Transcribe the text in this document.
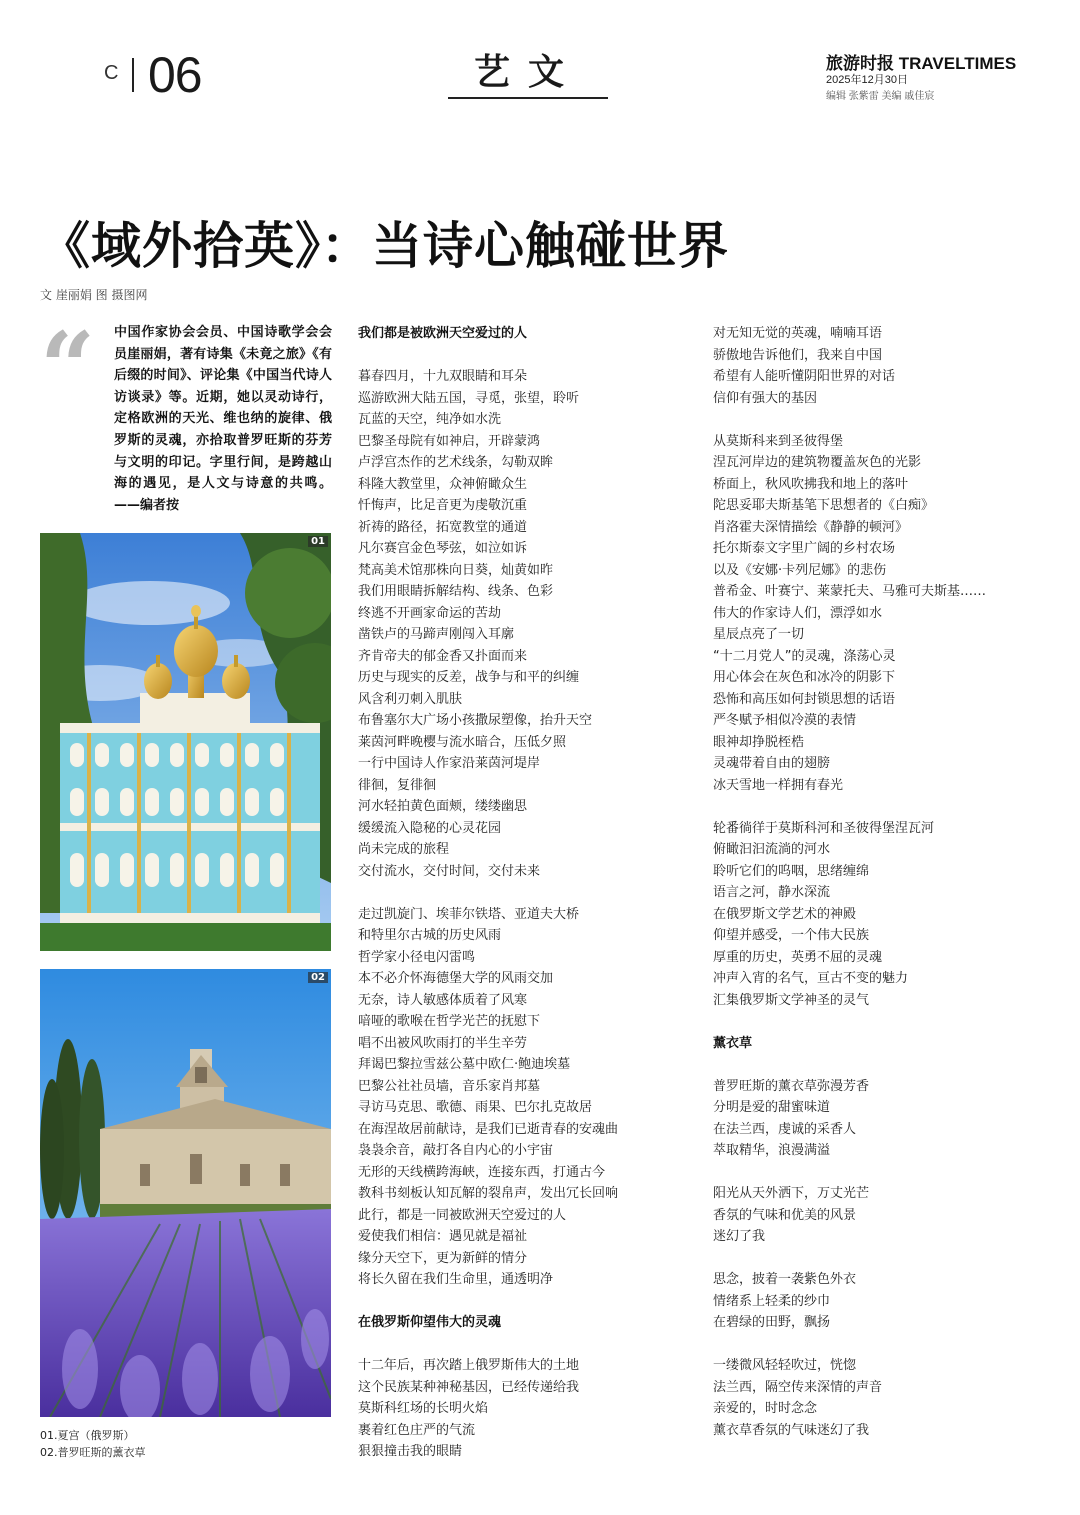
C 06	艺文	旅游时报 TRAVELTIMES
2025年12月30日
编辑 张紫雷 美编 戚佳宸
《域外拾英》：当诗心触碰世界
文 崖丽娟 图 摄图网
“ 中国作家协会会员、中国诗歌学会会员崖丽娟，著有诗集《未竟之旅》《有后缀的时间》、评论集《中国当代诗人访谈录》等。近期，她以灵动诗行，定格欧洲的天光、维也纳的旋律、俄罗斯的灵魂，亦拾取普罗旺斯的芬芳与文明的印记。字里行间，是跨越山海的遇见，是人文与诗意的共鸣。 ——编者按
01
02
01.夏宫（俄罗斯）
02.普罗旺斯的薰衣草
我们都是被欧洲天空爱过的人
暮春四月，十九双眼睛和耳朵
巡游欧洲大陆五国，寻觅，张望，聆听
瓦蓝的天空，纯净如水洗
巴黎圣母院有如神启，开辟蒙鸿
卢浮宫杰作的艺术线条，勾勒双眸
科隆大教堂里，众神俯瞰众生
忏悔声，比足音更为虔敬沉重
祈祷的路径，拓宽教堂的通道
凡尔赛宫金色琴弦，如泣如诉
梵高美术馆那株向日葵，灿黄如昨
我们用眼睛拆解结构、线条、色彩
终逃不开画家命运的苦劫
凿铁卢的马蹄声刚闯入耳廓
齐肯帝夫的郁金香又扑面而来
历史与现实的反差，战争与和平的纠缠
风含利刃刺入肌肤
布鲁塞尔大广场小孩撒尿塑像，抬升天空
莱茵河畔晚樱与流水暗合，压低夕照
一行中国诗人作家沿莱茵河堤岸
徘徊，复徘徊
河水轻拍黄色面颊，缕缕幽思
缓缓流入隐秘的心灵花园
尚未完成的旅程
交付流水，交付时间，交付未来
走过凯旋门、埃菲尔铁塔、亚道夫大桥
和特里尔古城的历史风雨
哲学家小径电闪雷鸣
本不必介怀海德堡大学的风雨交加
无奈，诗人敏感体质着了风寒
喑哑的歌喉在哲学光芒的抚慰下
唱不出被风吹雨打的半生辛劳
拜谒巴黎拉雪兹公墓中欧仁·鲍迪埃墓
巴黎公社社员墙，音乐家肖邦墓
寻访马克思、歌德、雨果、巴尔扎克故居
在海涅故居前献诗，是我们已逝青春的安魂曲
袅袅余音，敲打各自内心的小宇宙
无形的天线横跨海峡，连接东西，打通古今
教科书刻板认知瓦解的裂帛声，发出冗长回响
此行，都是一同被欧洲天空爱过的人
爱使我们相信：遇见就是福祉
缘分天空下，更为新鲜的情分
将长久留在我们生命里，通透明净
在俄罗斯仰望伟大的灵魂
十二年后，再次踏上俄罗斯伟大的土地
这个民族某种神秘基因，已经传递给我
莫斯科红场的长明火焰
裹着红色庄严的气流
狠狠撞击我的眼睛
对无知无觉的英魂，喃喃耳语
骄傲地告诉他们，我来自中国
希望有人能听懂阴阳世界的对话
信仰有强大的基因
从莫斯科来到圣彼得堡
涅瓦河岸边的建筑物覆盖灰色的光影
桥面上，秋风吹拂我和地上的落叶
陀思妥耶夫斯基笔下思想者的《白痴》
肖洛霍夫深情描绘《静静的顿河》
托尔斯泰文字里广阔的乡村农场
以及《安娜·卡列尼娜》的悲伤
普希金、叶赛宁、莱蒙托夫、马雅可夫斯基……
伟大的作家诗人们，漂浮如水
星辰点亮了一切
“十二月党人”的灵魂，涤荡心灵
用心体会在灰色和冰冷的阴影下
恐怖和高压如何封锁思想的话语
严冬赋予相似冷漠的表情
眼神却挣脱桎梏
灵魂带着自由的翅膀
冰天雪地一样拥有春光
轮番徜徉于莫斯科河和圣彼得堡涅瓦河
俯瞰汩汩流淌的河水
聆听它们的呜咽，思绪缠绵
语言之河，静水深流
在俄罗斯文学艺术的神殿
仰望并感受，一个伟大民族
厚重的历史，英勇不屈的灵魂
冲声入宵的名气，亘古不变的魅力
汇集俄罗斯文学神圣的灵气
薰衣草
普罗旺斯的薰衣草弥漫芳香
分明是爱的甜蜜味道
在法兰西，虔诚的采香人
萃取精华，浪漫满溢
阳光从天外洒下，万丈光芒
香氛的气味和优美的风景
迷幻了我
思念，披着一袭紫色外衣
情绪系上轻柔的纱巾
在碧绿的田野，飘扬
一缕微风轻轻吹过，恍惚
法兰西，隔空传来深情的声音
亲爱的，时时念念
薰衣草香氛的气味迷幻了我
